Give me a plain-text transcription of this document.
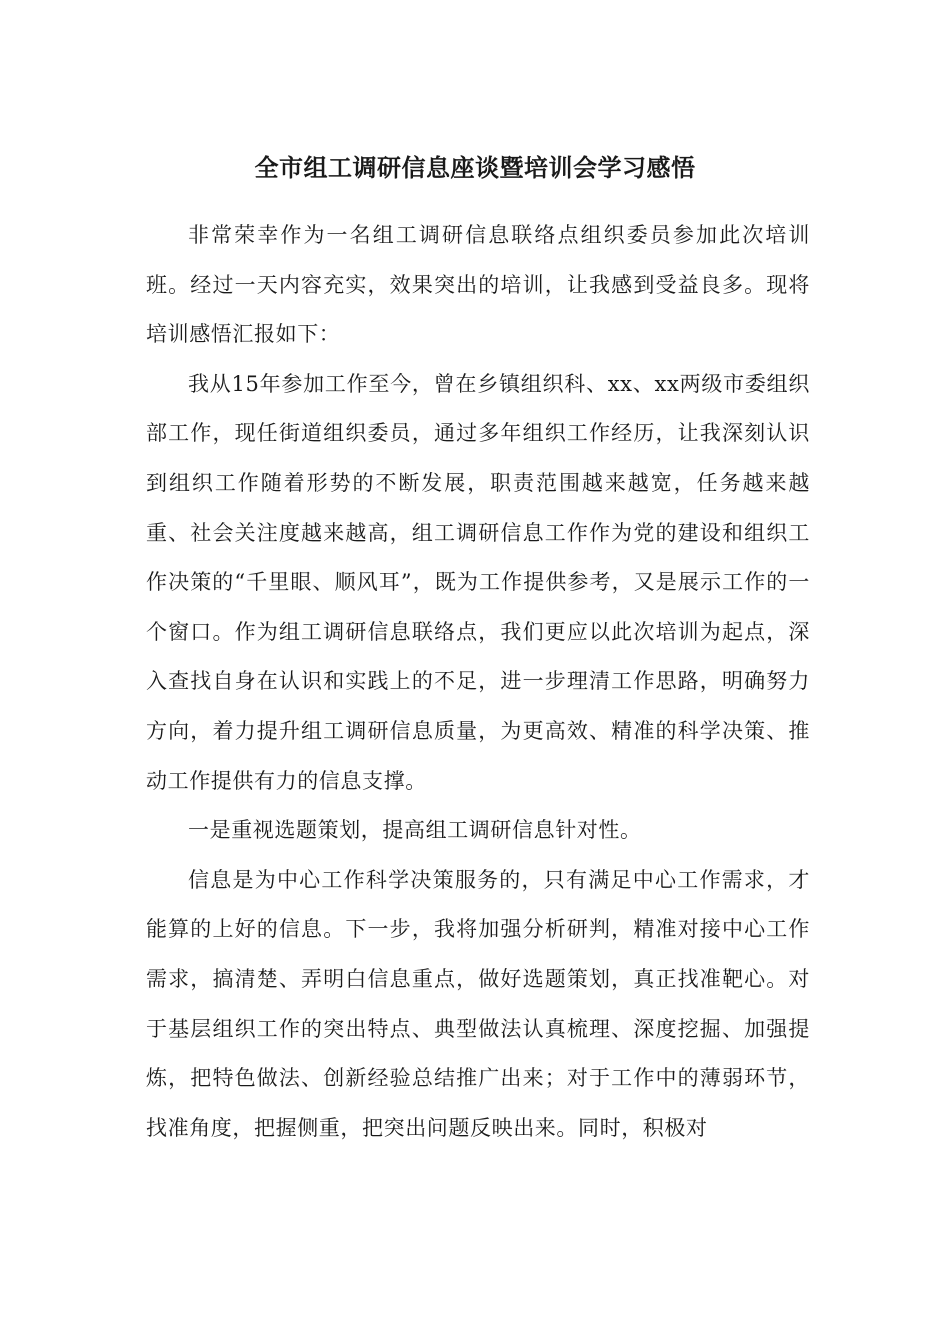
全市组工调研信息座谈暨培训会学习感悟

非常荣幸作为一名组工调研信息联络点组织委员参加此次培训班。经过一天内容充实，效果突出的培训，让我感到受益良多。现将培训感悟汇报如下：

我从15年参加工作至今，曾在乡镇组织科、xx、xx两级市委组织部工作，现任街道组织委员，通过多年组织工作经历，让我深刻认识到组织工作随着形势的不断发展，职责范围越来越宽，任务越来越重、社会关注度越来越高，组工调研信息工作作为党的建设和组织工作决策的“千里眼、顺风耳”，既为工作提供参考，又是展示工作的一个窗口。作为组工调研信息联络点，我们更应以此次培训为起点，深入查找自身在认识和实践上的不足，进一步理清工作思路，明确努力方向，着力提升组工调研信息质量，为更高效、精准的科学决策、推动工作提供有力的信息支撑。

一是重视选题策划，提高组工调研信息针对性。

信息是为中心工作科学决策服务的，只有满足中心工作需求，才能算的上好的信息。下一步，我将加强分析研判，精准对接中心工作需求，搞清楚、弄明白信息重点，做好选题策划，真正找准靶心。对于基层组织工作的突出特点、典型做法认真梳理、深度挖掘、加强提炼，把特色做法、创新经验总结推广出来；对于工作中的薄弱环节，找准角度，把握侧重，把突出问题反映出来。同时，积极对
